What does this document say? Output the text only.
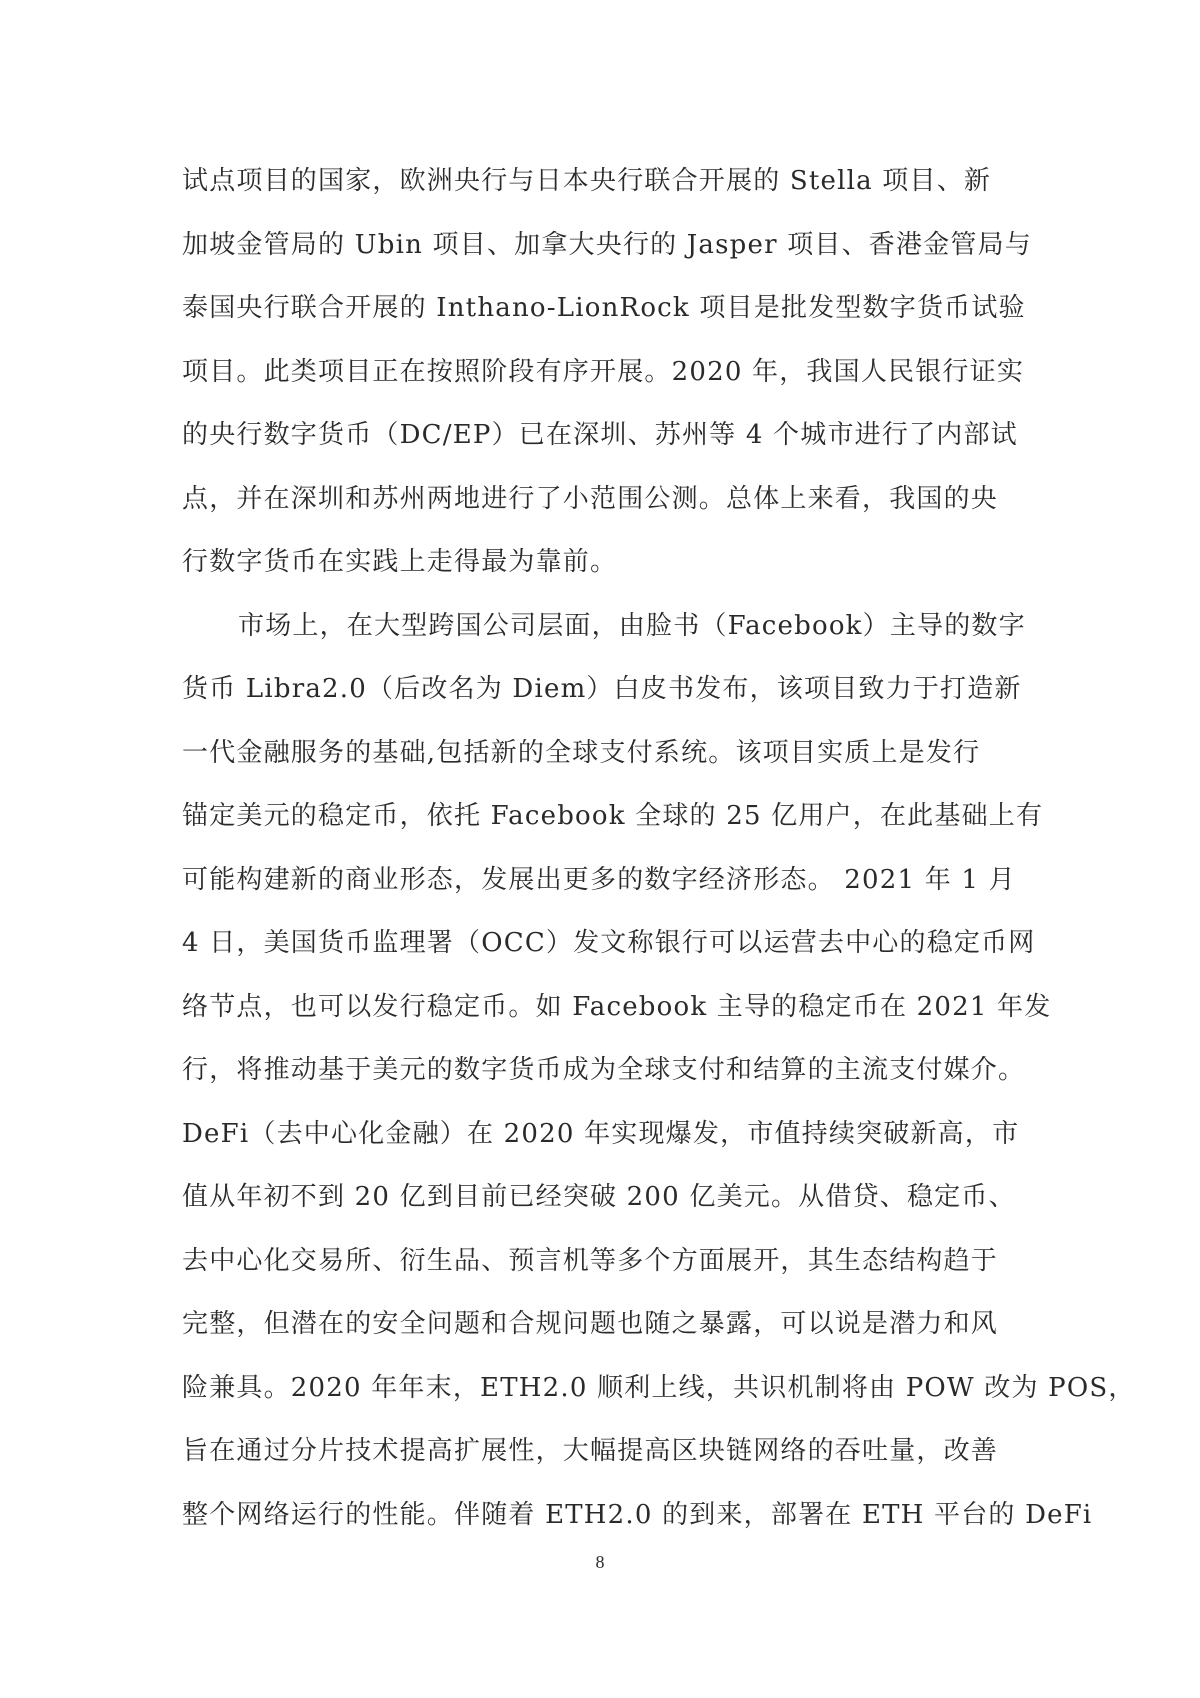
试点项目的国家，欧洲央行与日本央行联合开展的 Stella 项目、新
加坡金管局的 Ubin 项目、加拿大央行的 Jasper 项目、香港金管局与
泰国央行联合开展的 Inthano-LionRock 项目是批发型数字货币试验
项目。此类项目正在按照阶段有序开展。2020 年，我国人民银行证实
的央行数字货币（DC/EP）已在深圳、苏州等 4 个城市进行了内部试
点，并在深圳和苏州两地进行了小范围公测。总体上来看，我国的央
行数字货币在实践上走得最为靠前。
市场上，在大型跨国公司层面，由脸书（Facebook）主导的数字
货币 Libra2.0（后改名为 Diem）白皮书发布，该项目致力于打造新
一代金融服务的基础,包括新的全球支付系统。该项目实质上是发行
锚定美元的稳定币，依托 Facebook 全球的 25 亿用户，在此基础上有
可能构建新的商业形态，发展出更多的数字经济形态。 2021 年 1 月
4 日，美国货币监理署（OCC）发文称银行可以运营去中心的稳定币网
络节点，也可以发行稳定币。如 Facebook 主导的稳定币在 2021 年发
行，将推动基于美元的数字货币成为全球支付和结算的主流支付媒介。
DeFi（去中心化金融）在 2020 年实现爆发，市值持续突破新高，市
值从年初不到 20 亿到目前已经突破 200 亿美元。从借贷、稳定币、
去中心化交易所、衍生品、预言机等多个方面展开，其生态结构趋于
完整，但潜在的安全问题和合规问题也随之暴露，可以说是潜力和风
险兼具。2020 年年末，ETH2.0 顺利上线，共识机制将由 POW 改为 POS，
旨在通过分片技术提高扩展性，大幅提高区块链网络的吞吐量，改善
整个网络运行的性能。伴随着 ETH2.0 的到来，部署在 ETH 平台的 DeFi
8
